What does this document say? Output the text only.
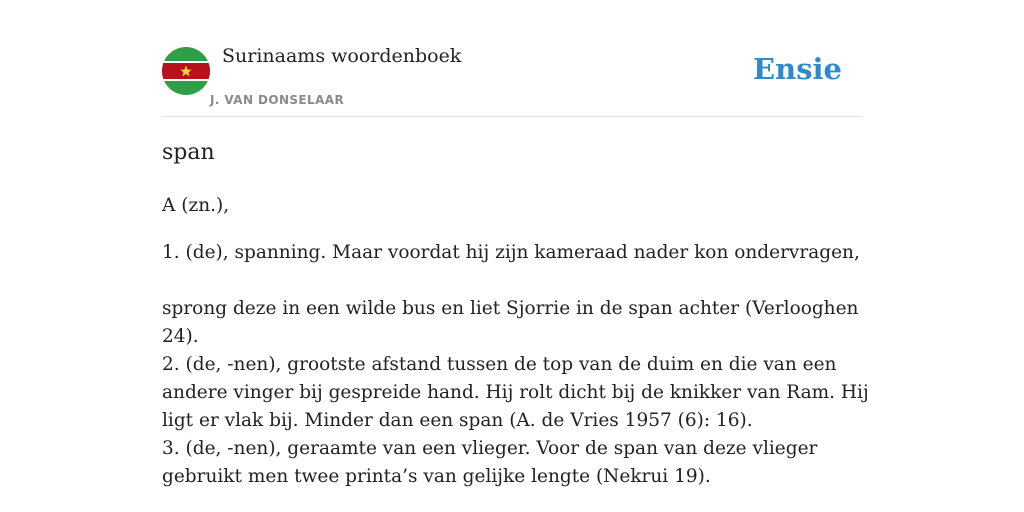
Surinaams woordenboek
J. VAN DONSELAAR
Ensie
span
A (zn.),
1. (de), spanning. Maar voordat hij zijn kameraad nader kon ondervragen,
sprong deze in een wilde bus en liet Sjorrie in de span achter (Verlooghen 24).
2. (de, -nen), grootste afstand tussen de top van de duim en die van een andere vinger bij gespreide hand. Hij rolt dicht bij de knikker van Ram. Hij ligt er vlak bij. Minder dan een span (A. de Vries 1957 (6): 16).
3. (de, -nen), geraamte van een vlieger. Voor de span van deze vlieger gebruikt men twee printa’s van gelijke lengte (Nekrui 19).
